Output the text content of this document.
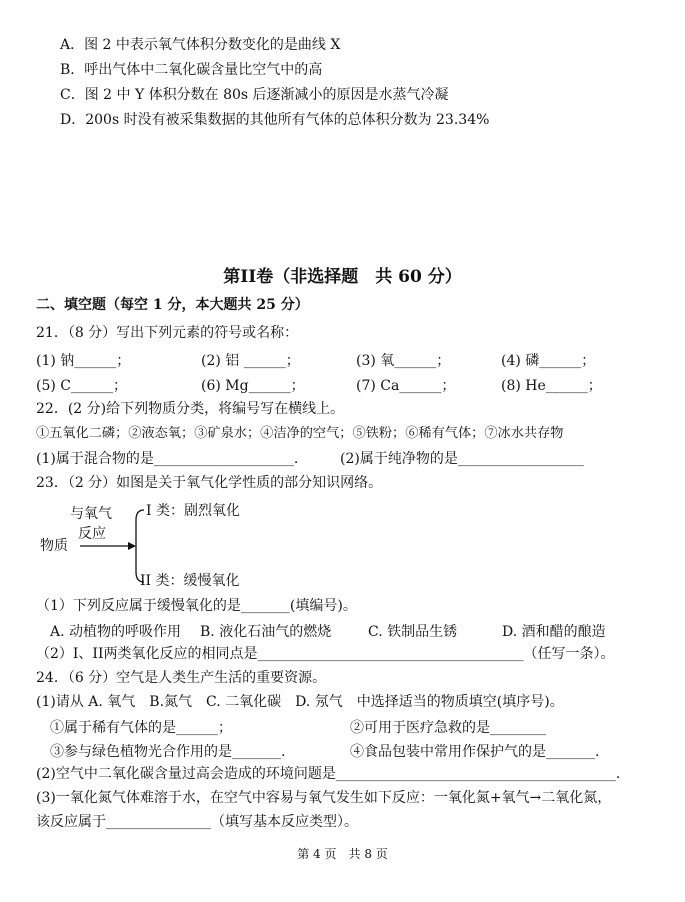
A．图 2 中表示氧气体积分数变化的是曲线 X
B．呼出气体中二氧化碳含量比空气中的高
C．图 2 中 Y 体积分数在 80s 后逐渐减小的原因是水蒸气冷凝
D．200s 时没有被采集数据的其他所有气体的总体积分数为 23.34%
第II卷（非选择题　共 60 分）
二、填空题（每空 1 分，本大题共 25 分）
21．（8 分）写出下列元素的符号或名称：
(1) 钠______；	(2) 铝 ______；	(3) 氧______；	(4) 磷______；
(5) C______；	(6) Mg______；	(7) Ca______；	(8) He______；
22．(2 分)给下列物质分类，将编号写在横线上。
①五氧化二磷；②液态氧；③矿泉水；④洁净的空气；⑤铁粉；⑥稀有气体；⑦冰水共存物
(1)属于混合物的是____________________.	(2)属于纯净物的是__________________
23．（2 分）如图是关于氧气化学性质的部分知识网络。
与氧气
反应
物质
I 类：剧烈氧化
II 类：缓慢氧化
（1）下列反应属于缓慢氧化的是_______(填编号)。
A. 动植物的呼吸作用 B. 液化石油气的燃烧	C. 铁制品生锈	D. 酒和醋的酿造
（2）I、II两类氧化反应的相同点是______________________________________（任写一条）。
24．（6 分）空气是人类生产生活的重要资源。
(1)请从 A. 氧气　B.氮气　C. 二氧化碳　D. 氖气　中选择适当的物质填空(填序号)。
①属于稀有气体的是______；	②可用于医疗急救的是________
③参与绿色植物光合作用的是_______.	④食品包装中常用作保护气的是_______.
(2)空气中二氧化碳含量过高会造成的环境问题是________________________________________.
(3)一氧化氮气体难溶于水，在空气中容易与氧气发生如下反应：一氧化氮+氧气→二氧化氮，
该反应属于_______________（填写基本反应类型）。
第 4 页　共 8 页
